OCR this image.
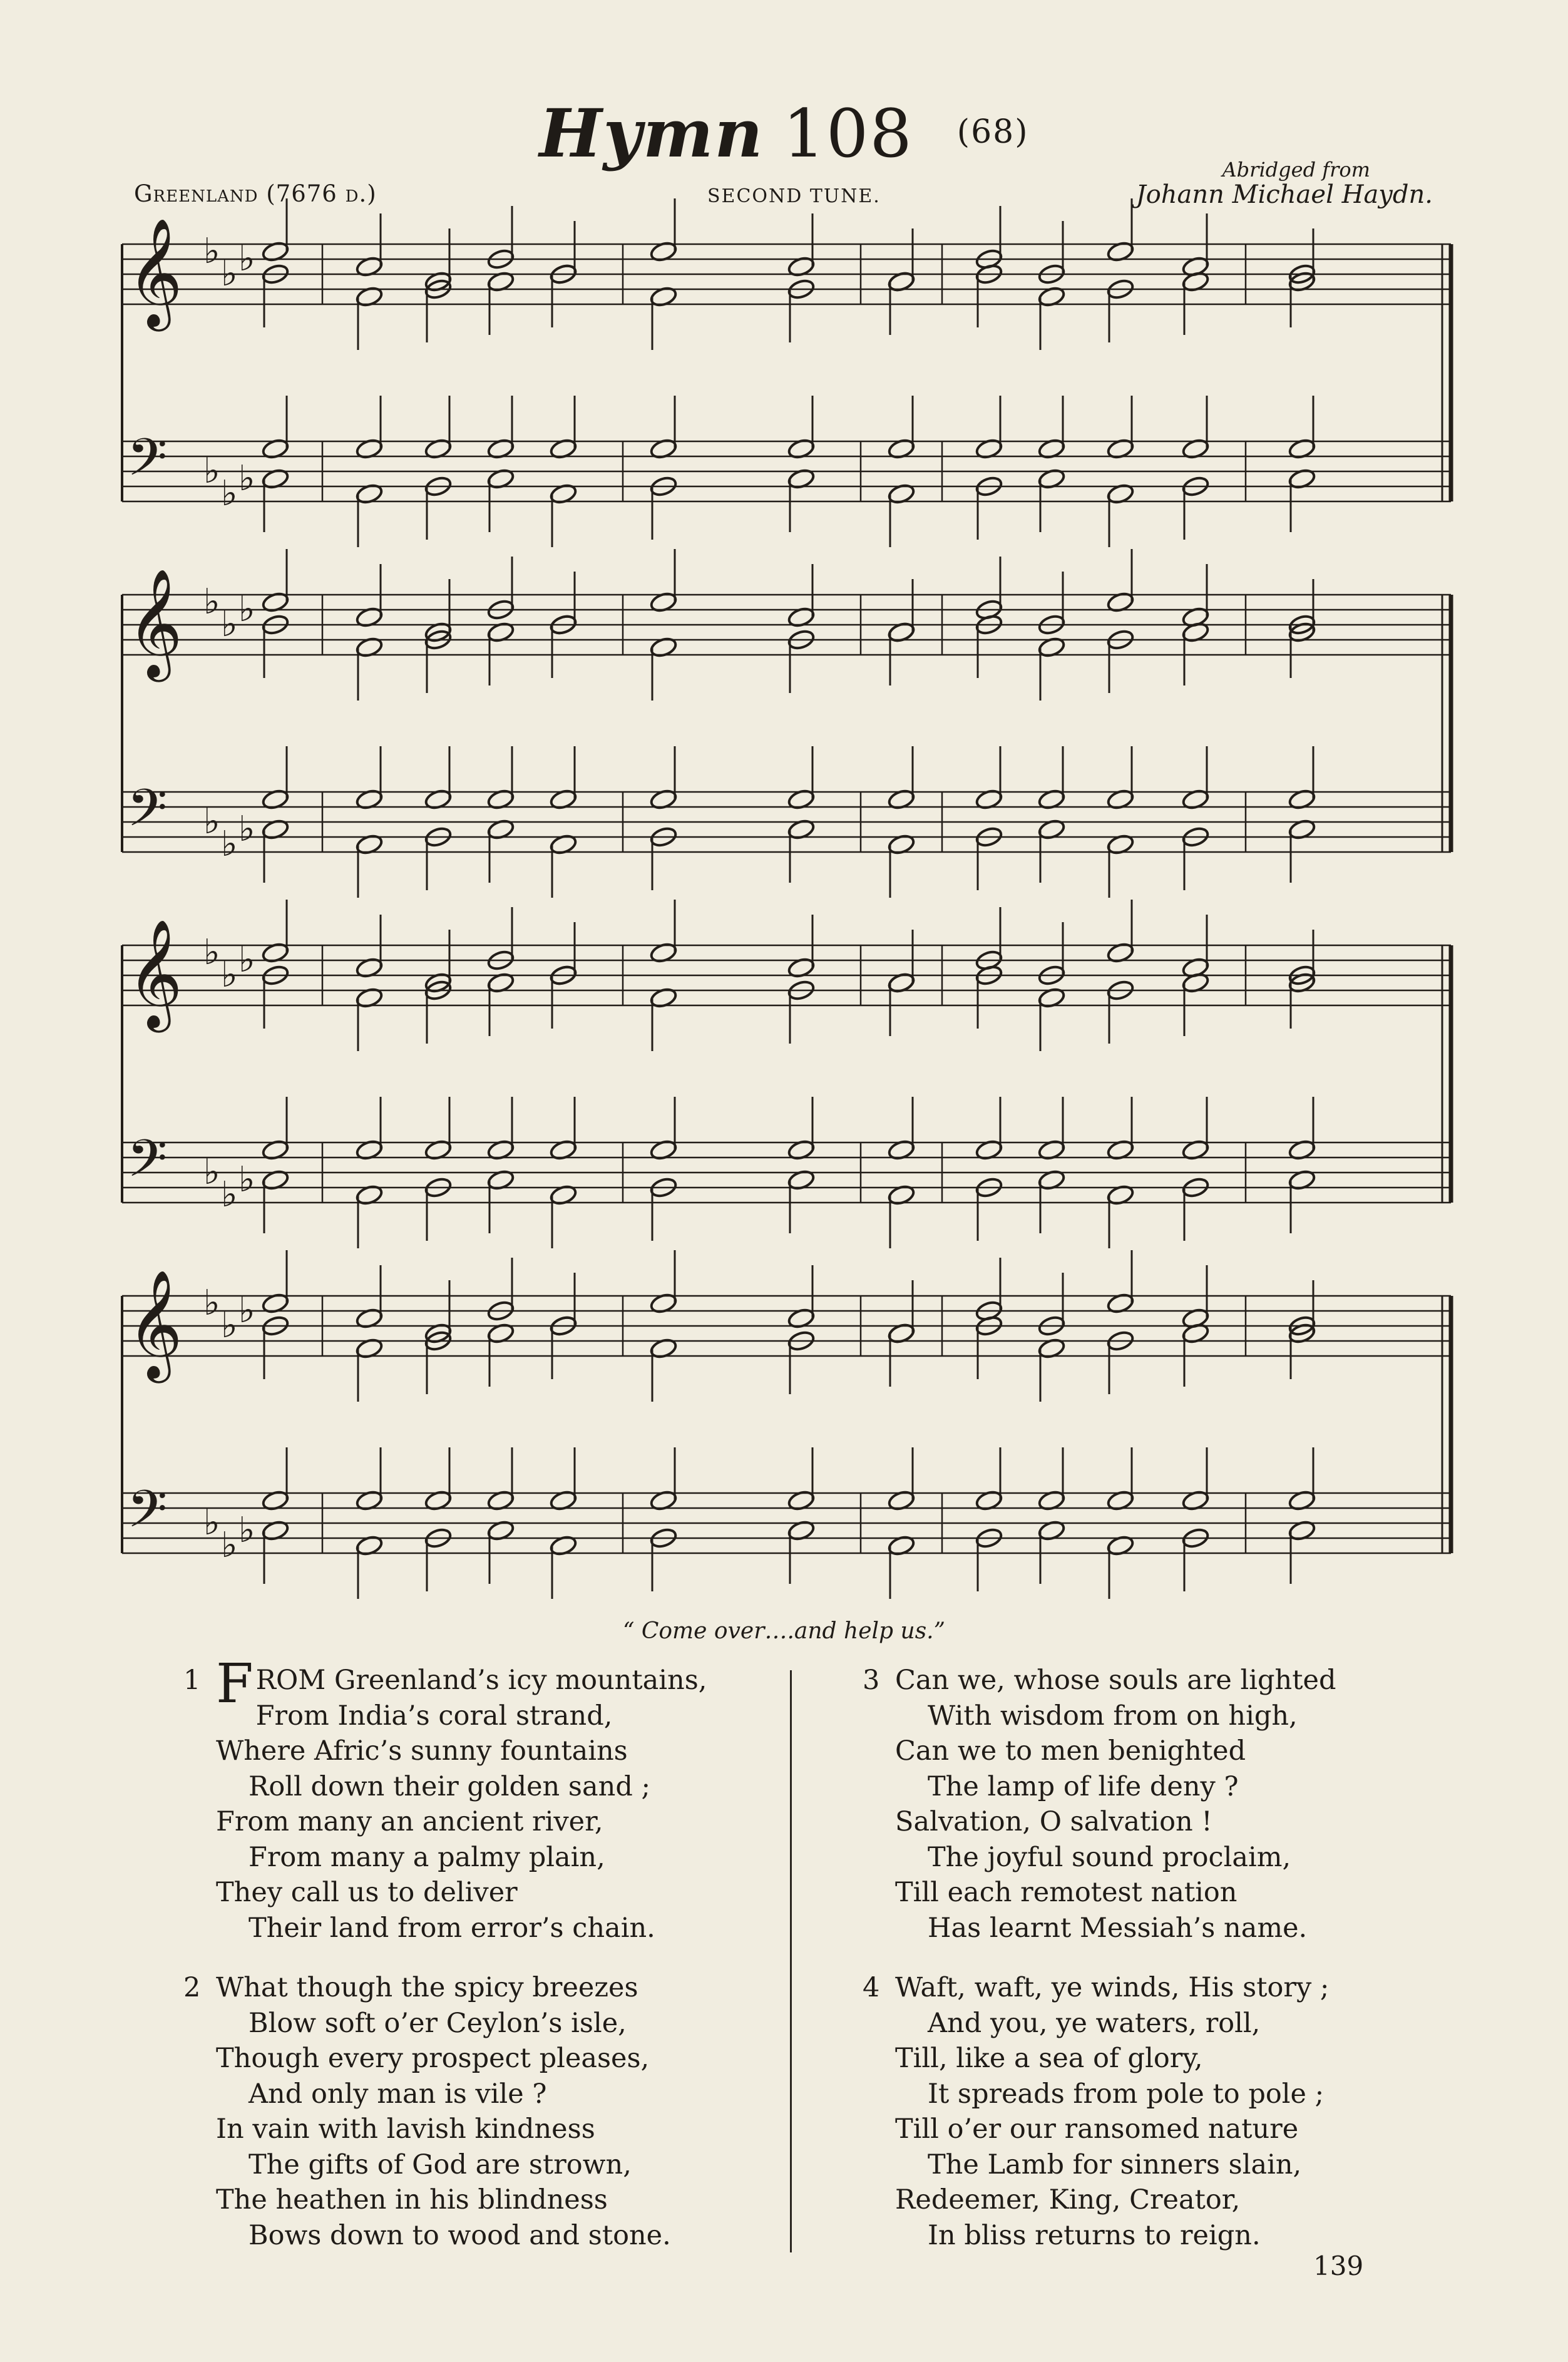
Hymn 108 $^{(68)}$
Greenland (7676 d.)	SECOND TUNE.
Abridged from
Johann Michael Haydn.
𝄞 ♭
♭ ♭
𝄢 ♭
♭ ♭
𝄞 ♭
♭ ♭
𝄢 ♭
♭ ♭
𝄞 ♭
♭ ♭
𝄢 ♭
♭ ♭
𝄞 ♭
♭ ♭
𝄢 ♭
♭ ♭
“ Come over….and help us.”
1 FROM Greenland’s icy mountains,
From India’s coral strand,
Where Afric’s sunny fountains
Roll down their golden sand ;
From many an ancient river,
From many a palmy plain,
They call us to deliver
Their land from error’s chain.
2 What though the spicy breezes
Blow soft o’er Ceylon’s isle,
Though every prospect pleases,
And only man is vile ?
In vain with lavish kindness
The gifts of God are strown,
The heathen in his blindness
Bows down to wood and stone.
3 Can we, whose souls are lighted
With wisdom from on high,
Can we to men benighted
The lamp of life deny ?
Salvation, O salvation !
The joyful sound proclaim,
Till each remotest nation
Has learnt Messiah’s name.
4 Waft, waft, ye winds, His story ;
And you, ye waters, roll,
Till, like a sea of glory,
It spreads from pole to pole ;
Till o’er our ransomed nature
The Lamb for sinners slain,
Redeemer, King, Creator,
In bliss returns to reign.
139
